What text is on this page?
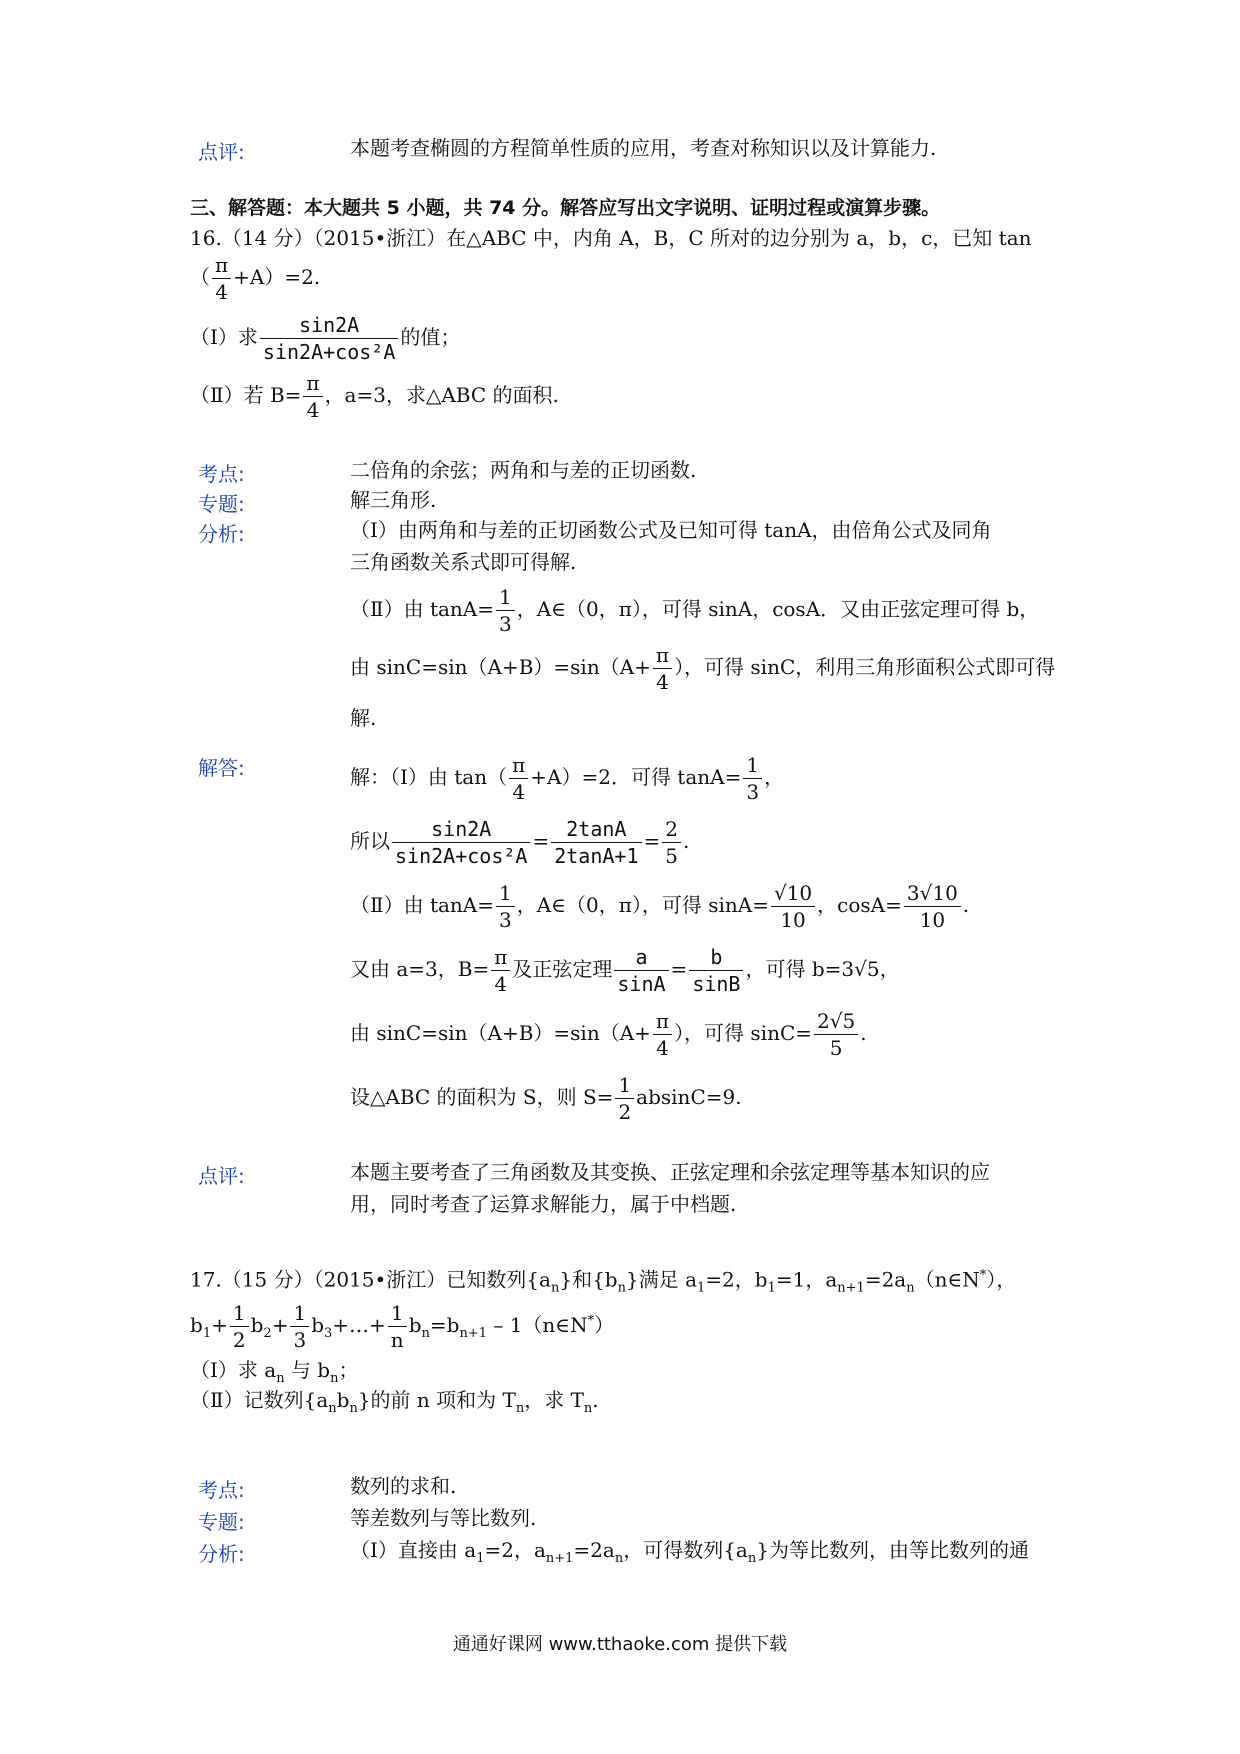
点评:	本题考查椭圆的方程简单性质的应用，考查对称知识以及计算能力.
三、解答题：本大题共 5 小题，共 74 分。解答应写出文字说明、证明过程或演算步骤。
16.（14 分）（2015•浙江）在△ABC 中，内角 A，B，C 所对的边分别为 a，b，c，已知 tan
（ $\frac{\pi}{4} +A)=2$.
（Ⅰ）求 $\frac{\sin 2A}{\text{sin2A+cos²A}}$ 的值；
（Ⅱ）若 $B= \frac{\pi}{4}$ ，a=3，求△ABC 的面积.
考点:	二倍角的余弦；两角和与差的正切函数.
专题:	解三角形.
分析:	（Ⅰ）由两角和与差的正切函数公式及已知可得 tanA，由倍角公式及同角
三角函数关系式即可得解.
（Ⅱ）由 $\tan A= \frac{1}{3}$ ，A∈（0，π），可得 sinA，cosA．又由正弦定理可得 b，
由 $\sin C=\sin(A+B)=\sin(A+ \frac{\pi}{4}$ ），可得 sinC，利用三角形面积公式即可得
解.
解答:	解：（Ⅰ）由 $\tan( \frac{\pi}{4} +A)=2$．可得 $\tan A= \frac{1}{3}$ ，
所以 $\frac{\sin 2A}{\text{sin2A+cos²A}} = \frac{2\tan A}{2\tan A+1} = \frac{2}{5}$ .
（Ⅱ）由 $\tan A= \frac{1}{3}$ ，A∈（0，π），可得 $\sin A= \frac{√10}{10}$ ，$\cos A= \frac{3√10}{10}$ .
又由 a=3，$B= \frac{\pi}{4}$ 及正弦定理 $\frac{a}{\sin A} = \frac{b}{\sin B}$ ，可得 b=3√5，
由 $\sin C=\sin(A+B)=\sin(A+ \frac{\pi}{4}$ ），可得 $\sin C= \frac{2√5}{5}$ .
设△ABC 的面积为 S，则 $S= \frac{1}{2} absinC=9$.
点评:	本题主要考查了三角函数及其变换、正弦定理和余弦定理等基本知识的应
用，同时考查了运算求解能力，属于中档题.
17.（15 分）（2015•浙江）已知数列$\{a_n\}$和$\{b_n\}$满足 $a_1=2$，$b_1=1$，$a_{n+1}=2a_n(n\in N^*)$，
$b_1+ \frac{1}{2} b_2+ \frac{1}{3}$ $b_3+\dots+ \frac{1}{n} b_n=b_{n+1}$ – 1（n∈N*）
（Ⅰ）求 $a_n$ 与 $b_n$；
（Ⅱ）记数列$\{a_nb_n\}$的前 n 项和为 $T_n$，求 $T_n$.
考点:	数列的求和.
专题:	等差数列与等比数列.
分析:	（Ⅰ）直接由 $a_1=2$，$a_{n+1}=2a_n$，可得数列$\{a_n\}$为等比数列，由等比数列的通
通通好课网 www.tthaoke.com 提供下载
